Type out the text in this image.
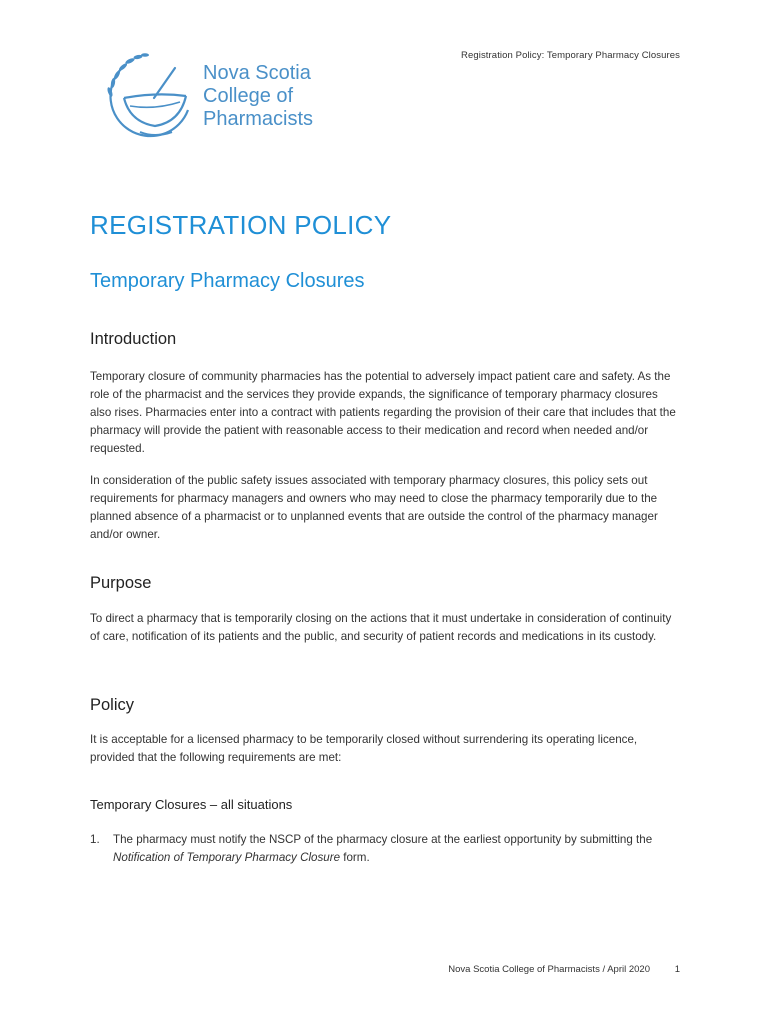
Registration Policy: Temporary Pharmacy Closures
Nova Scotia
College of
Pharmacists
REGISTRATION POLICY
Temporary Pharmacy Closures
Introduction

Temporary closure of community pharmacies has the potential to adversely impact patient care and safety. As the role of the pharmacist and the services they provide expands, the significance of temporary pharmacy closures also rises. Pharmacies enter into a contract with patients regarding the provision of their care that includes that the pharmacy will provide the patient with reasonable access to their medication and record when needed and/or requested.

In consideration of the public safety issues associated with temporary pharmacy closures, this policy sets out requirements for pharmacy managers and owners who may need to close the pharmacy temporarily due to the planned absence of a pharmacist or to unplanned events that are outside the control of the pharmacy manager and/or owner.

Purpose

To direct a pharmacy that is temporarily closing on the actions that it must undertake in consideration of continuity of care, notification of its patients and the public, and security of patient records and medications in its custody.

Policy

It is acceptable for a licensed pharmacy to be temporarily closed without surrendering its operating licence, provided that the following requirements are met:

Temporary Closures – all situations
1. The pharmacy must notify the NSCP of the pharmacy closure at the earliest opportunity by submitting the Notification of Temporary Pharmacy Closure form.
Nova Scotia College of Pharmacists / April 2020	1
